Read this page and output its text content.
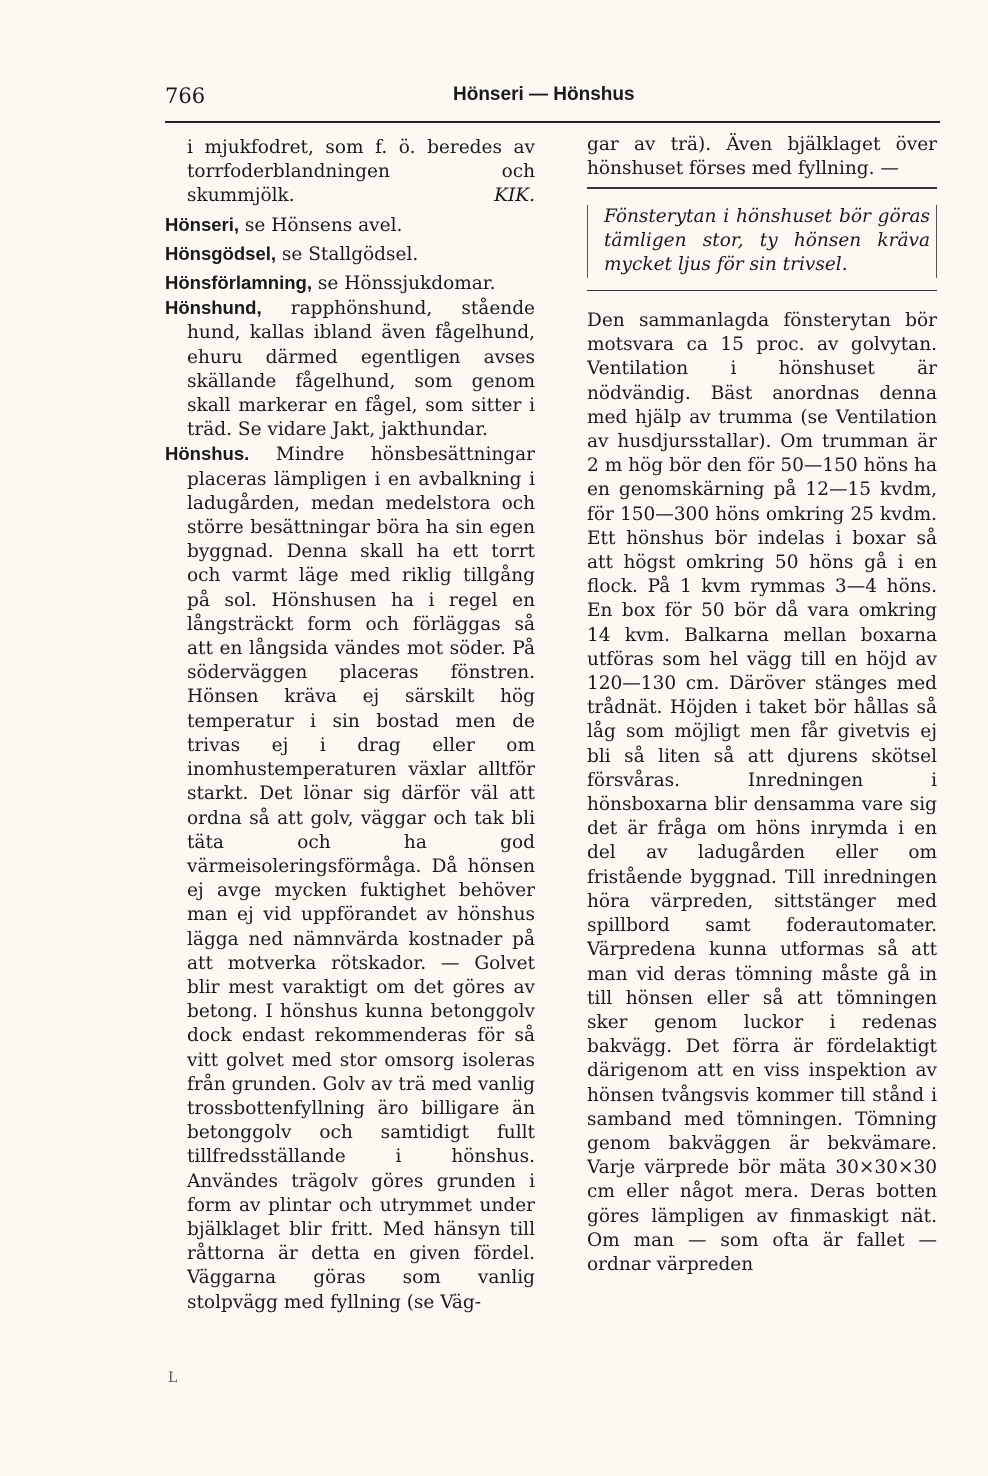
766	Hönseri — Hönshus

i mjukfodret, som f. ö. beredes av torrfoderblandningen och skummjölk.	KIK.

Hönseri, se Hönsens avel.

Hönsgödsel, se Stallgödsel.

Hönsförlamning, se Hönssjukdomar.

Hönshund, rapphönshund, stående hund, kallas ibland även fågelhund, ehuru därmed egentligen avses skällande fågelhund, som genom skall markerar en fågel, som sitter i träd. Se vidare Jakt, jakthundar.

Hönshus. Mindre hönsbesättningar placeras lämpligen i en avbalkning i ladugården, medan medelstora och större besättningar böra ha sin egen byggnad. Denna skall ha ett torrt och varmt läge med riklig tillgång på sol. Hönshusen ha i regel en långsträckt form och förläggas så att en långsida vändes mot söder. På söderväggen placeras fönstren. Hönsen kräva ej särskilt hög temperatur i sin bostad men de trivas ej i drag eller om inomhustemperaturen växlar alltför starkt. Det lönar sig därför väl att ordna så att golv, väggar och tak bli täta och ha god värmeisoleringsförmåga. Då hönsen ej avge mycken fuktighet behöver man ej vid uppförandet av hönshus lägga ned nämnvärda kostnader på att motverka rötskador. — Golvet blir mest varaktigt om det göres av betong. I hönshus kunna betonggolv dock endast rekommenderas för så vitt golvet med stor omsorg isoleras från grunden. Golv av trä med vanlig trossbottenfyllning äro billigare än betonggolv och samtidigt fullt tillfredsställande i hönshus. Användes trägolv göres grunden i form av plintar och utrymmet under bjälklaget blir fritt. Med hänsyn till råttorna är detta en given fördel. Väggarna göras som vanlig stolpvägg med fyllning (se Väg-

gar av trä). Även bjälklaget över hönshuset förses med fyllning. —

Fönsterytan i hönshuset bör göras tämligen stor, ty hönsen kräva mycket ljus för sin trivsel.

Den sammanlagda fönsterytan bör motsvara ca 15 proc. av golvytan. Ventilation i hönshuset är nödvändig. Bäst anordnas denna med hjälp av trumma (se Ventilation av husdjursstallar). Om trumman är 2 m hög bör den för 50—150 höns ha en genomskärning på 12—15 kvdm, för 150—300 höns omkring 25 kvdm. Ett hönshus bör indelas i boxar så att högst omkring 50 höns gå i en flock. På 1 kvm rymmas 3—4 höns. En box för 50 bör då vara omkring 14 kvm. Balkarna mellan boxarna utföras som hel vägg till en höjd av 120—130 cm. Däröver stänges med trådnät. Höjden i taket bör hållas så låg som möjligt men får givetvis ej bli så liten så att djurens skötsel försvåras. Inredningen i hönsboxarna blir densamma vare sig det är fråga om höns inrymda i en del av ladugården eller om fristående byggnad. Till inredningen höra värpreden, sittstänger med spillbord samt foderautomater. Värpredena kunna utformas så att man vid deras tömning måste gå in till hönsen eller så att tömningen sker genom luckor i redenas bakvägg. Det förra är fördelaktigt därigenom att en viss inspektion av hönsen tvångsvis kommer till stånd i samband med tömningen. Tömning genom bakväggen är bekvämare. Varje värprede bör mäta 30×30×30 cm eller något mera. Deras botten göres lämpligen av finmaskigt nät. Om man — som ofta är fallet — ordnar värpreden

L
